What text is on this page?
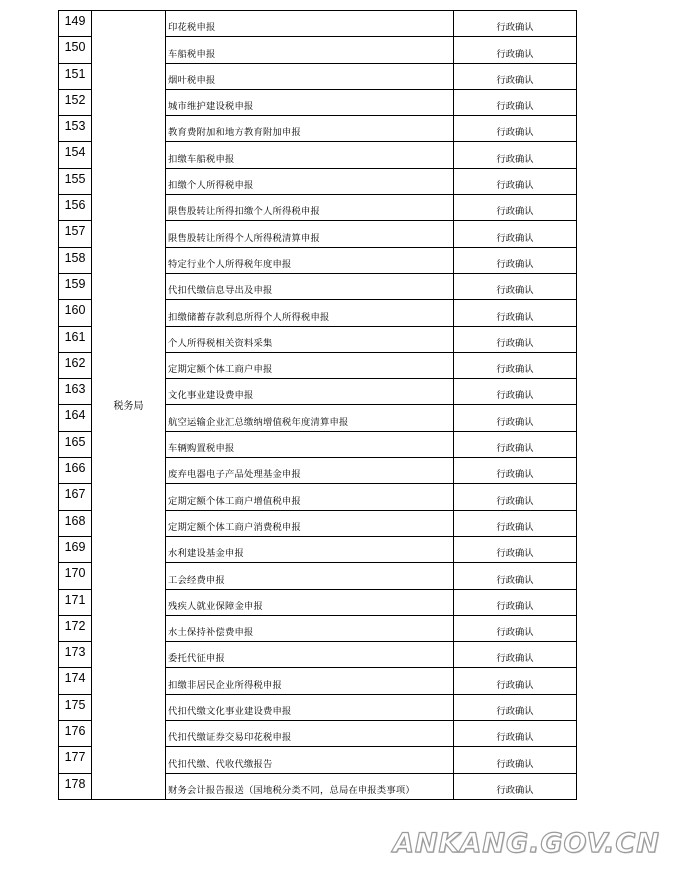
149	税务局	印花税申报	行政确认
150		车船税申报	行政确认
151		烟叶税申报	行政确认
152		城市维护建设税申报	行政确认
153		教育费附加和地方教育附加申报	行政确认
154		扣缴车船税申报	行政确认
155		扣缴个人所得税申报	行政确认
156		限售股转让所得扣缴个人所得税申报	行政确认
157		限售股转让所得个人所得税清算申报	行政确认
158		特定行业个人所得税年度申报	行政确认
159		代扣代缴信息导出及申报	行政确认
160		扣缴储蓄存款利息所得个人所得税申报	行政确认
161		个人所得税相关资料采集	行政确认
162		定期定额个体工商户申报	行政确认
163		文化事业建设费申报	行政确认
164		航空运输企业汇总缴纳增值税年度清算申报	行政确认
165		车辆购置税申报	行政确认
166		废弃电器电子产品处理基金申报	行政确认
167		定期定额个体工商户增值税申报	行政确认
168		定期定额个体工商户消费税申报	行政确认
169		水利建设基金申报	行政确认
170		工会经费申报	行政确认
171		残疾人就业保障金申报	行政确认
172		水土保持补偿费申报	行政确认
173		委托代征申报	行政确认
174		扣缴非居民企业所得税申报	行政确认
175		代扣代缴文化事业建设费申报	行政确认
176		代扣代缴证券交易印花税申报	行政确认
177		代扣代缴、代收代缴报告	行政确认
178		财务会计报告报送（国地税分类不同，总局在申报类事项）	行政确认
ANKANG.GOV.CN
